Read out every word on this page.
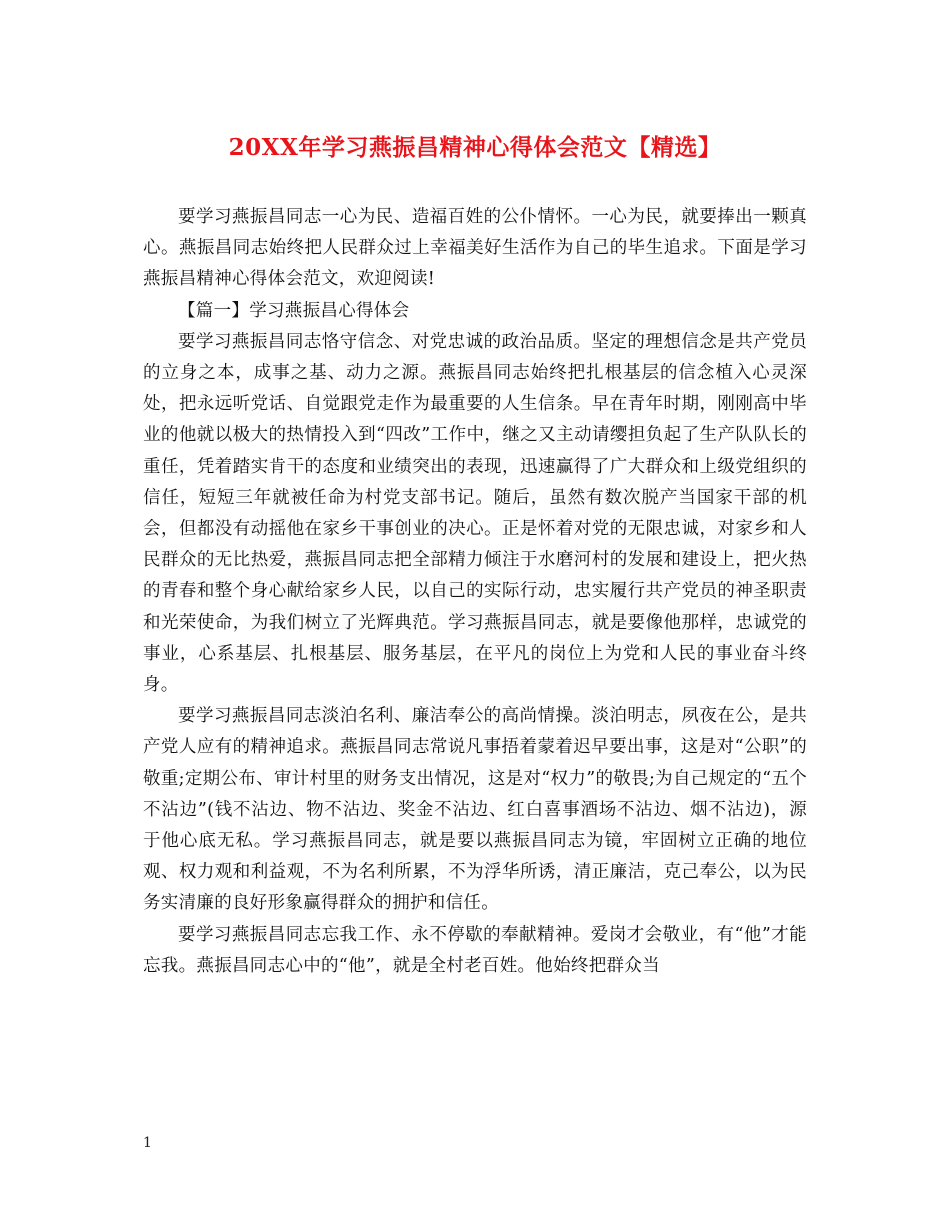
20XX年学习燕振昌精神心得体会范文【精选】

要学习燕振昌同志一心为民、造福百姓的公仆情怀。一心为民，就要捧出一颗真心。燕振昌同志始终把人民群众过上幸福美好生活作为自己的毕生追求。下面是学习燕振昌精神心得体会范文，欢迎阅读!

【篇一】学习燕振昌心得体会

要学习燕振昌同志恪守信念、对党忠诚的政治品质。坚定的理想信念是共产党员的立身之本，成事之基、动力之源。燕振昌同志始终把扎根基层的信念植入心灵深处，把永远听党话、自觉跟党走作为最重要的人生信条。早在青年时期，刚刚高中毕业的他就以极大的热情投入到“四改”工作中，继之又主动请缨担负起了生产队队长的重任，凭着踏实肯干的态度和业绩突出的表现，迅速赢得了广大群众和上级党组织的信任，短短三年就被任命为村党支部书记。随后，虽然有数次脱产当国家干部的机会，但都没有动摇他在家乡干事创业的决心。正是怀着对党的无限忠诚，对家乡和人民群众的无比热爱，燕振昌同志把全部精力倾注于水磨河村的发展和建设上，把火热的青春和整个身心献给家乡人民，以自己的实际行动，忠实履行共产党员的神圣职责和光荣使命，为我们树立了光辉典范。学习燕振昌同志，就是要像他那样，忠诚党的事业，心系基层、扎根基层、服务基层，在平凡的岗位上为党和人民的事业奋斗终身。

要学习燕振昌同志淡泊名利、廉洁奉公的高尚情操。淡泊明志，夙夜在公，是共产党人应有的精神追求。燕振昌同志常说凡事捂着蒙着迟早要出事，这是对“公职”的敬重;定期公布、审计村里的财务支出情况，这是对“权力”的敬畏;为自己规定的“五个不沾边”(钱不沾边、物不沾边、奖金不沾边、红白喜事酒场不沾边、烟不沾边)，源于他心底无私。学习燕振昌同志，就是要以燕振昌同志为镜，牢固树立正确的地位观、权力观和利益观，不为名利所累，不为浮华所诱，清正廉洁，克己奉公，以为民务实清廉的良好形象赢得群众的拥护和信任。

要学习燕振昌同志忘我工作、永不停歇的奉献精神。爱岗才会敬业，有“他”才能忘我。燕振昌同志心中的“他”，就是全村老百姓。他始终把群众当

1
